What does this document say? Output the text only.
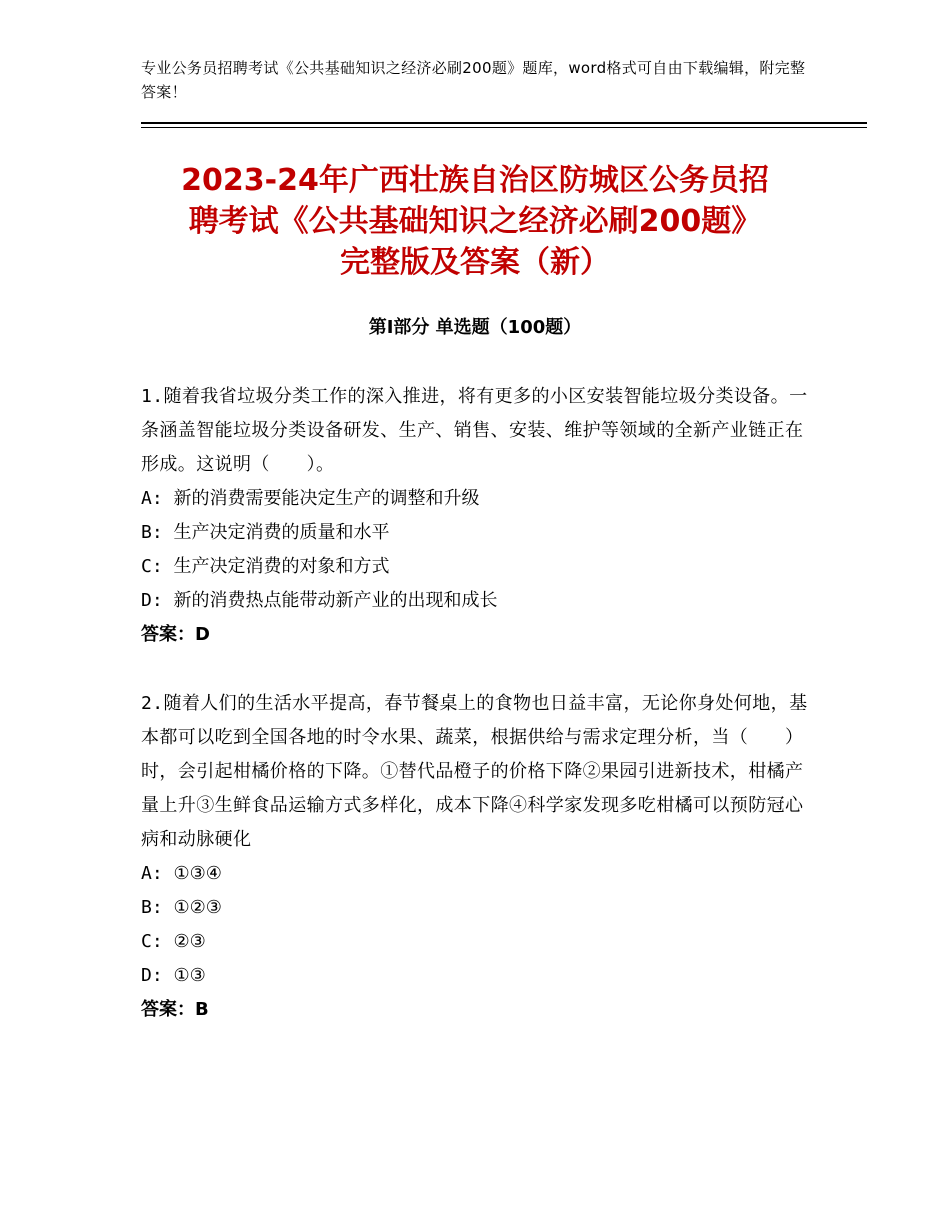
专业公务员招聘考试《公共基础知识之经济必刷200题》题库，word格式可自由下载编辑，附完整答案！
2023-24年广西壮族自治区防城区公务员招
聘考试《公共基础知识之经济必刷200题》
完整版及答案（新）
第Ⅰ部分 单选题（100题）
1.随着我省垃圾分类工作的深入推进，将有更多的小区安装智能垃圾分类设备。一条涵盖智能垃圾分类设备研发、生产、销售、安装、维护等领域的全新产业链正在形成。这说明（　　）。
A: 新的消费需要能决定生产的调整和升级
B: 生产决定消费的质量和水平
C: 生产决定消费的对象和方式
D: 新的消费热点能带动新产业的出现和成长
答案：D
2.随着人们的生活水平提高，春节餐桌上的食物也日益丰富，无论你身处何地，基本都可以吃到全国各地的时令水果、蔬菜，根据供给与需求定理分析，当（　　）时，会引起柑橘价格的下降。①替代品橙子的价格下降②果园引进新技术，柑橘产量上升③生鲜食品运输方式多样化，成本下降④科学家发现多吃柑橘可以预防冠心病和动脉硬化
A: ①③④
B: ①②③
C: ②③
D: ①③
答案：B
